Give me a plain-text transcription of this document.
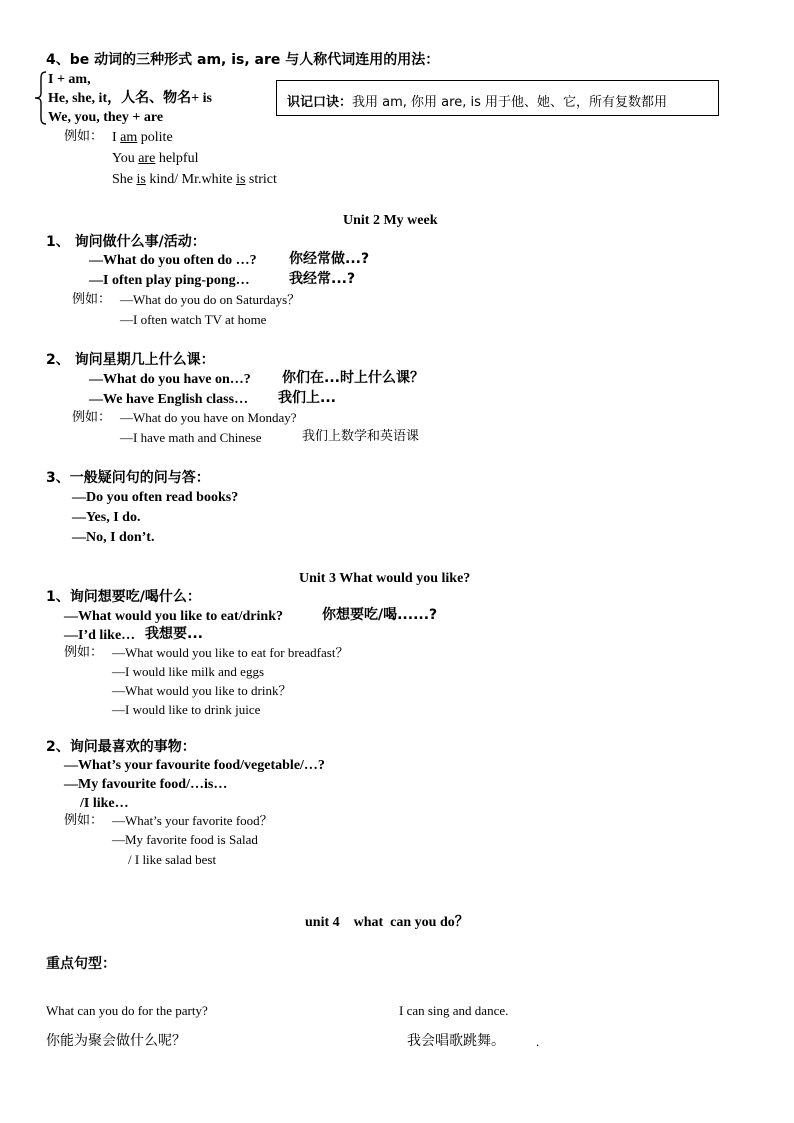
4、be 动词的三种形式 am, is, are 与人称代词连用的用法：
I + am,
He, she, it，人名、物名+ is
We, you, they + are
识记口诀：我用 am, 你用 are, is 用于他、她、它，所有复数都用
例如： I am polite
You are helpful
She is kind/ Mr.white is strict
Unit 2 My week
1、 询问做什么事/活动：
—What do you often do …? 你经常做...?
—I often play ping-pong…	我经常...?
例如： —What do you do on Saturdays？
—I often watch TV at home
2、 询问星期几上什么课：
—What do you have on…? 你们在...时上什么课？
—We have English class… 我们上...
例如： —What do you have on Monday?
—I have math and Chinese	我们上数学和英语课
3、一般疑问句的问与答：
—Do you often read books?
—Yes, I do.
—No, I don’t.
Unit 3 What would you like?
1、询问想要吃/喝什么：
—What would you like to eat/drink?	你想要吃/喝......?
—I’d like… 我想要...
例如： —What would you like to eat for breadfast？
—I would like milk and eggs
—What would you like to drink？
—I would like to drink juice
2、询问最喜欢的事物：
—What’s your favourite food/vegetable/…?
—My favourite food/…is…
/I like…
例如： —What’s your favorite food？
—My favorite food is Salad
/ I like salad best
unit 4    what  can you do？
重点句型：
What can you do for the party?	I can sing and dance.
你能为聚会做什么呢？	我会唱歌跳舞。 .
